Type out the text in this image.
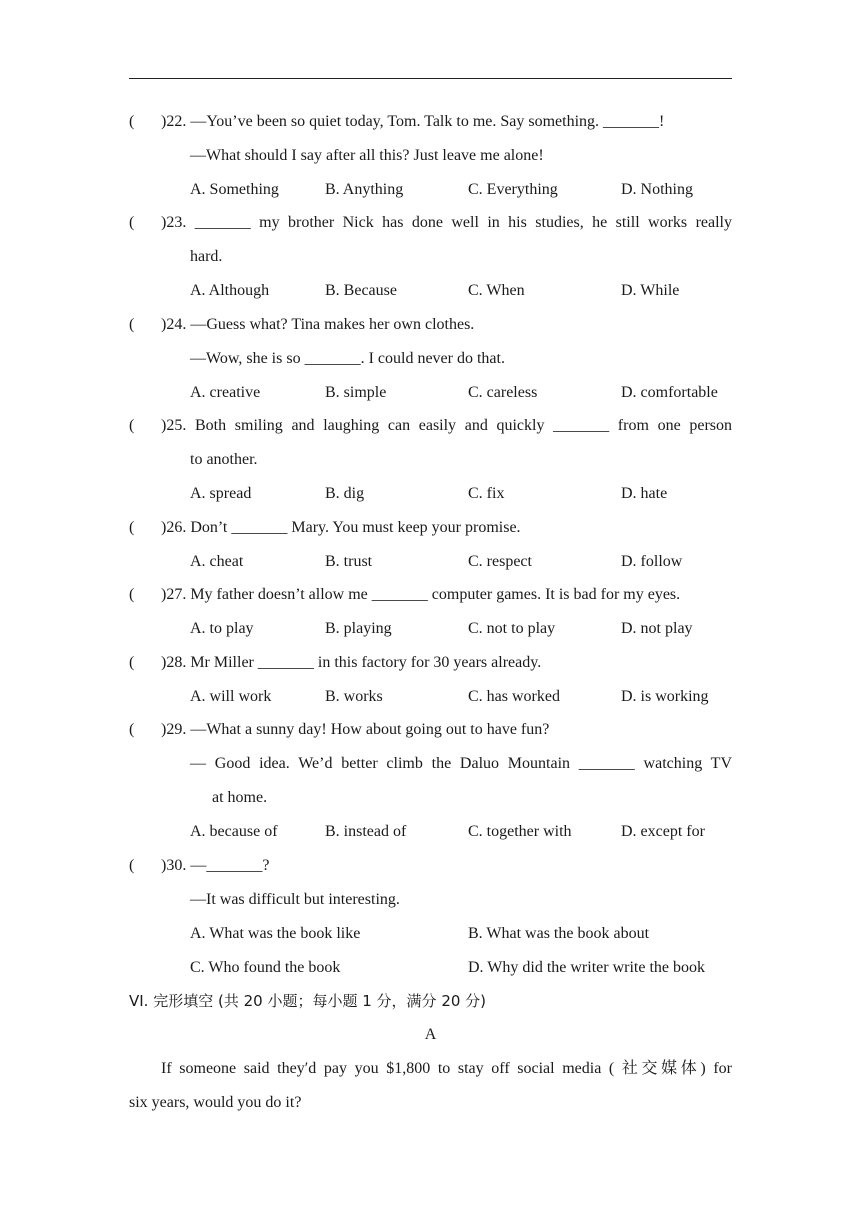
( )22. —You’ve been so quiet today, Tom. Talk to me. Say something. _______!
—What should I say after all this? Just leave me alone!
A. Something	B. Anything	C. Everything	D. Nothing
( )23. _______ my brother Nick has done well in his studies, he still works really
hard.
A. Although	B. Because	C. When	D. While
( )24. —Guess what? Tina makes her own clothes.
—Wow, she is so _______. I could never do that.
A. creative	B. simple	C. careless	D. comfortable
( )25. Both smiling and laughing can easily and quickly _______ from one person
to another.
A. spread	B. dig	C. fix	D. hate
( )26. Don’t _______ Mary. You must keep your promise.
A. cheat	B. trust	C. respect	D. follow
( )27. My father doesn’t allow me _______ computer games. It is bad for my eyes.
A. to play	B. playing	C. not to play	D. not play
( )28. Mr Miller _______ in this factory for 30 years already.
A. will work	B. works	C. has worked	D. is working
( )29. —What a sunny day! How about going out to have fun?
— Good idea. We’d better climb the Daluo Mountain _______ watching TV
at home.
A. because of	B. instead of	C. together with	D. except for
( )30. —_______?
—It was difficult but interesting.
A. What was the book like	B. What was the book about
C. Who found the book	D. Why did the writer write the book
VI. 完形填空 (共 20 小题；每小题 1 分，满分 20 分)
A
If someone said they′d pay you $1,800 to stay off social media ( 社交媒体) for
six years, would you do it?
